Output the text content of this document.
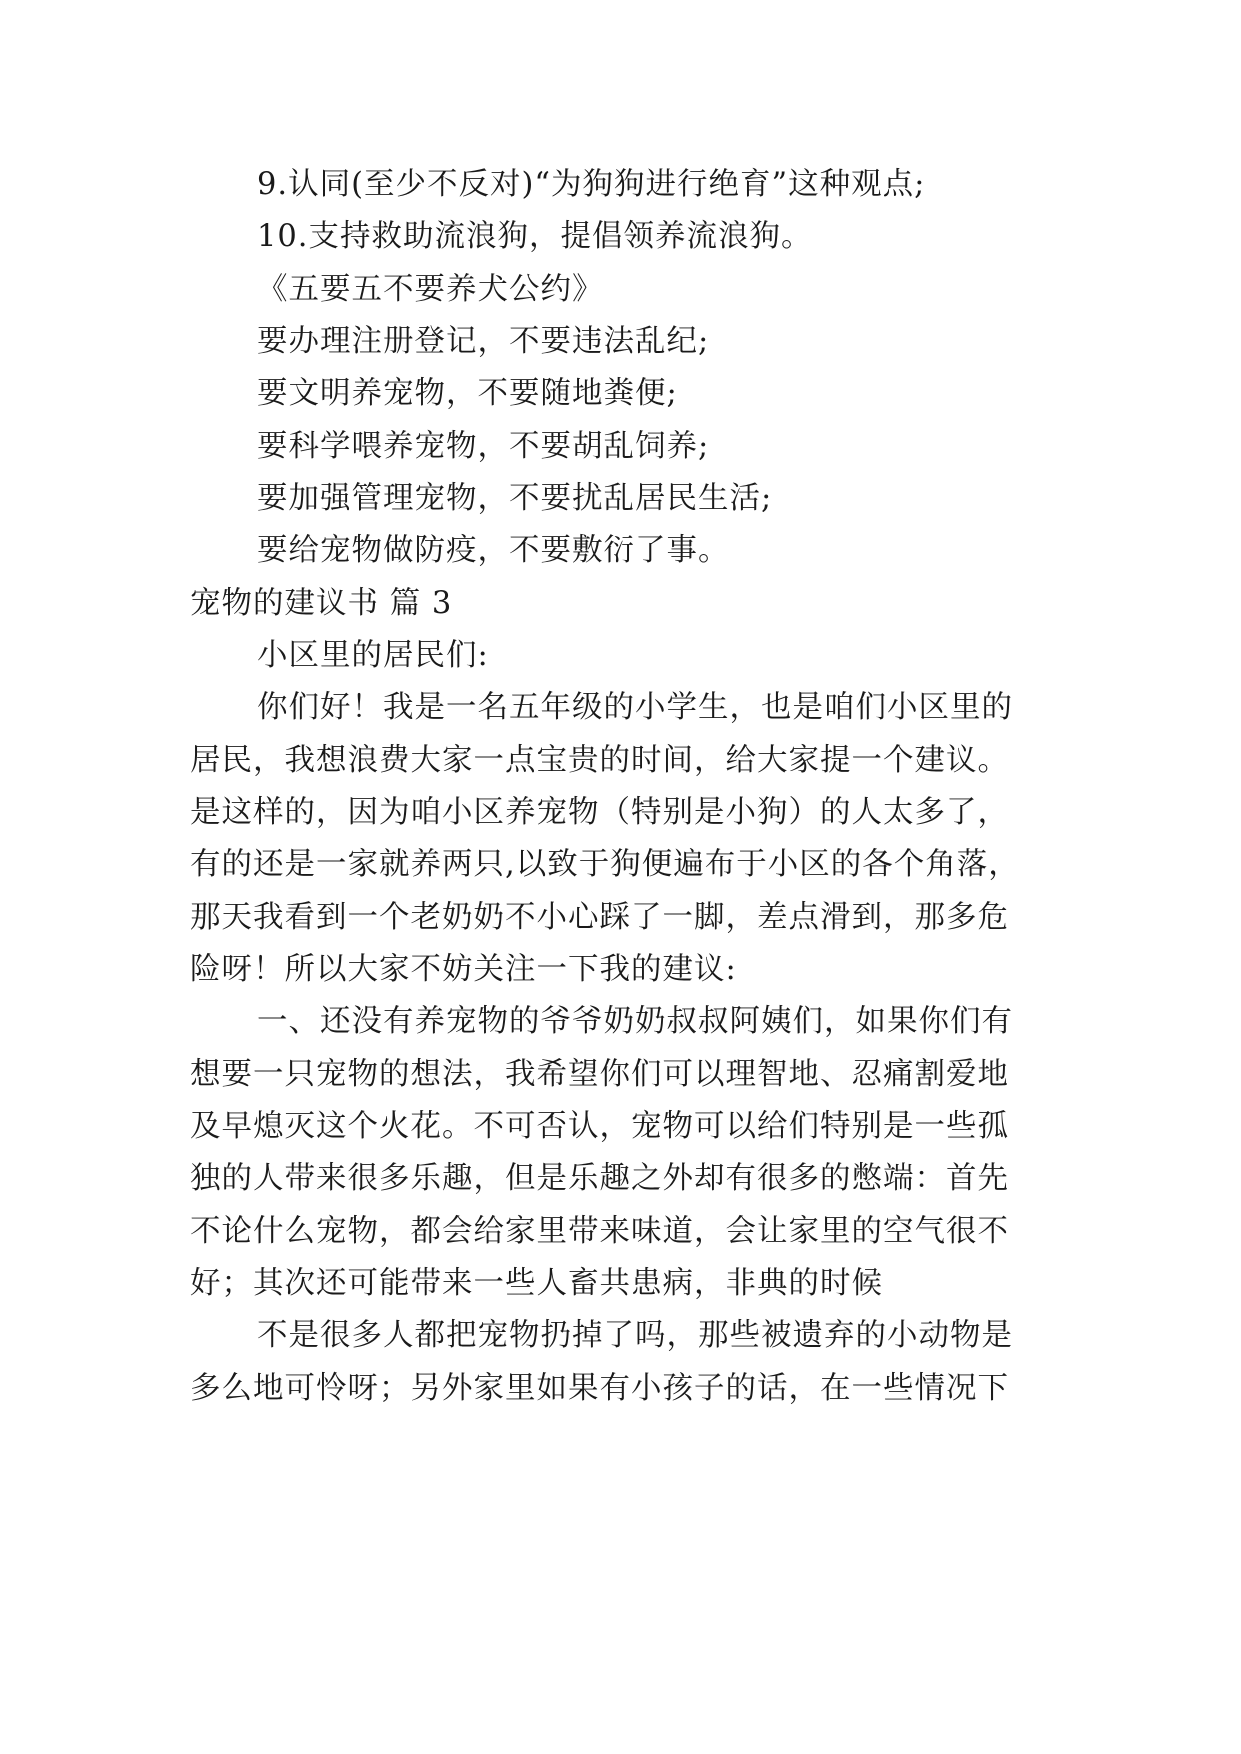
9.认同(至少不反对)“为狗狗进行绝育”这种观点;
10.支持救助流浪狗，提倡领养流浪狗。
《五要五不要养犬公约》
要办理注册登记，不要违法乱纪;
要文明养宠物，不要随地粪便;
要科学喂养宠物，不要胡乱饲养;
要加强管理宠物，不要扰乱居民生活;
要给宠物做防疫，不要敷衍了事。
宠物的建议书 篇 3
小区里的居民们:
你们好！我是一名五年级的小学生，也是咱们小区里的
居民，我想浪费大家一点宝贵的时间，给大家提一个建议。
是这样的，因为咱小区养宠物（特别是小狗）的人太多了，
有的还是一家就养两只,以致于狗便遍布于小区的各个角落，
那天我看到一个老奶奶不小心踩了一脚，差点滑到，那多危
险呀！所以大家不妨关注一下我的建议:
一、还没有养宠物的爷爷奶奶叔叔阿姨们，如果你们有
想要一只宠物的想法，我希望你们可以理智地、忍痛割爱地
及早熄灭这个火花。不可否认，宠物可以给们特别是一些孤
独的人带来很多乐趣，但是乐趣之外却有很多的憋端：首先
不论什么宠物，都会给家里带来味道，会让家里的空气很不
好；其次还可能带来一些人畜共患病，非典的时候
不是很多人都把宠物扔掉了吗，那些被遗弃的小动物是
多么地可怜呀；另外家里如果有小孩子的话，在一些情况下
